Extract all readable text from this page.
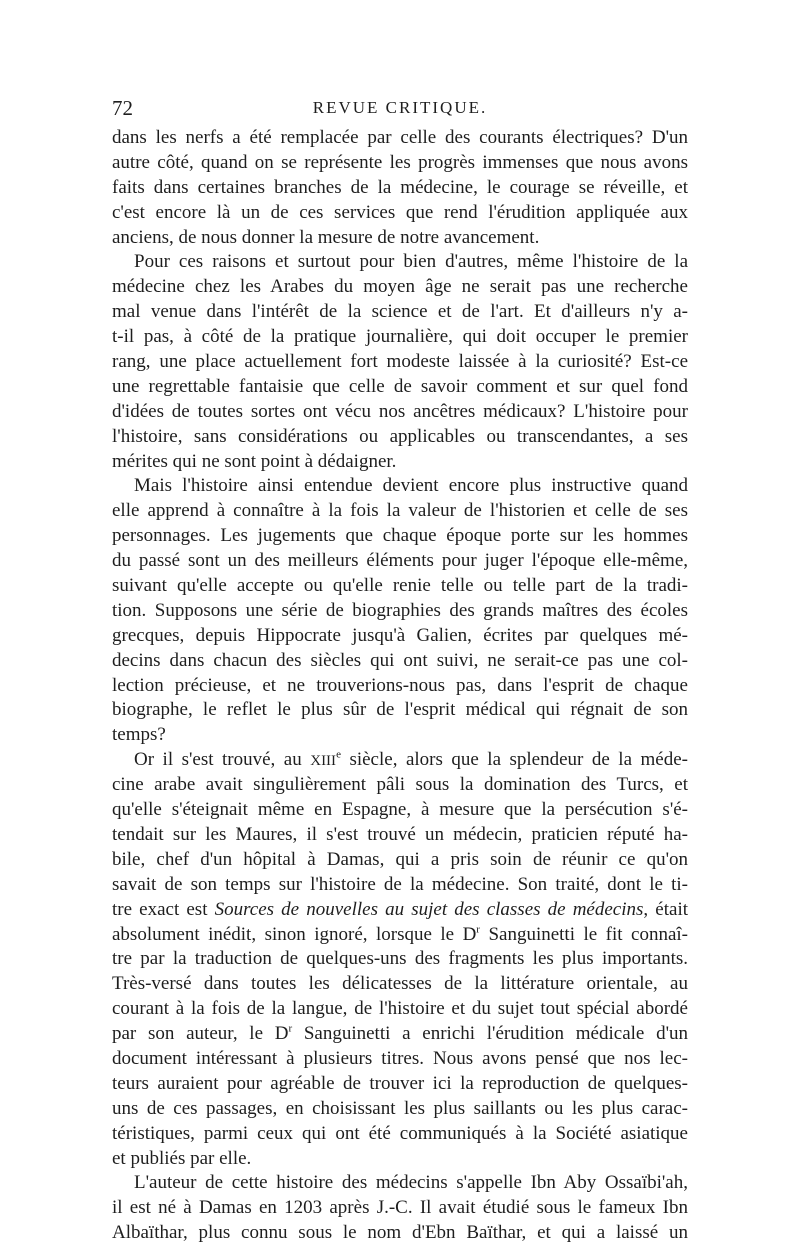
72	REVUE CRITIQUE.
dans les nerfs a été remplacée par celle des courants électriques? D'un
autre côté, quand on se représente les progrès immenses que nous avons
faits dans certaines branches de la médecine, le courage se réveille, et
c'est encore là un de ces services que rend l'érudition appliquée aux
anciens, de nous donner la mesure de notre avancement.
Pour ces raisons et surtout pour bien d'autres, même l'histoire de la
médecine chez les Arabes du moyen âge ne serait pas une recherche
mal venue dans l'intérêt de la science et de l'art. Et d'ailleurs n'y a-
t-il pas, à côté de la pratique journalière, qui doit occuper le premier
rang, une place actuellement fort modeste laissée à la curiosité? Est-ce
une regrettable fantaisie que celle de savoir comment et sur quel fond
d'idées de toutes sortes ont vécu nos ancêtres médicaux? L'histoire pour
l'histoire, sans considérations ou applicables ou transcendantes, a ses
mérites qui ne sont point à dédaigner.
Mais l'histoire ainsi entendue devient encore plus instructive quand
elle apprend à connaître à la fois la valeur de l'historien et celle de ses
personnages. Les jugements que chaque époque porte sur les hommes
du passé sont un des meilleurs éléments pour juger l'époque elle-même,
suivant qu'elle accepte ou qu'elle renie telle ou telle part de la tradi-
tion. Supposons une série de biographies des grands maîtres des écoles
grecques, depuis Hippocrate jusqu'à Galien, écrites par quelques mé-
decins dans chacun des siècles qui ont suivi, ne serait-ce pas une col-
lection précieuse, et ne trouverions-nous pas, dans l'esprit de chaque
biographe, le reflet le plus sûr de l'esprit médical qui régnait de son
temps?
Or il s'est trouvé, au XIIIe siècle, alors que la splendeur de la méde-
cine arabe avait singulièrement pâli sous la domination des Turcs, et
qu'elle s'éteignait même en Espagne, à mesure que la persécution s'é-
tendait sur les Maures, il s'est trouvé un médecin, praticien réputé ha-
bile, chef d'un hôpital à Damas, qui a pris soin de réunir ce qu'on
savait de son temps sur l'histoire de la médecine. Son traité, dont le ti-
tre exact est Sources de nouvelles au sujet des classes de médecins, était
absolument inédit, sinon ignoré, lorsque le $D^r$ Sanguinetti le fit connaî-
tre par la traduction de quelques-uns des fragments les plus importants.
Très-versé dans toutes les délicatesses de la littérature orientale, au
courant à la fois de la langue, de l'histoire et du sujet tout spécial abordé
par son auteur, le $D^r$ Sanguinetti a enrichi l'érudition médicale d'un
document intéressant à plusieurs titres. Nous avons pensé que nos lec-
teurs auraient pour agréable de trouver ici la reproduction de quelques-
uns de ces passages, en choisissant les plus saillants ou les plus carac-
téristiques, parmi ceux qui ont été communiqués à la Société asiatique
et publiés par elle.
L'auteur de cette histoire des médecins s'appelle Ibn Aby Ossaïbi'ah,
il est né à Damas en 1203 après J.-C. Il avait étudié sous le fameux Ibn
Albaïthar, plus connu sous le nom d'Ebn Baïthar, et qui a laissé un
